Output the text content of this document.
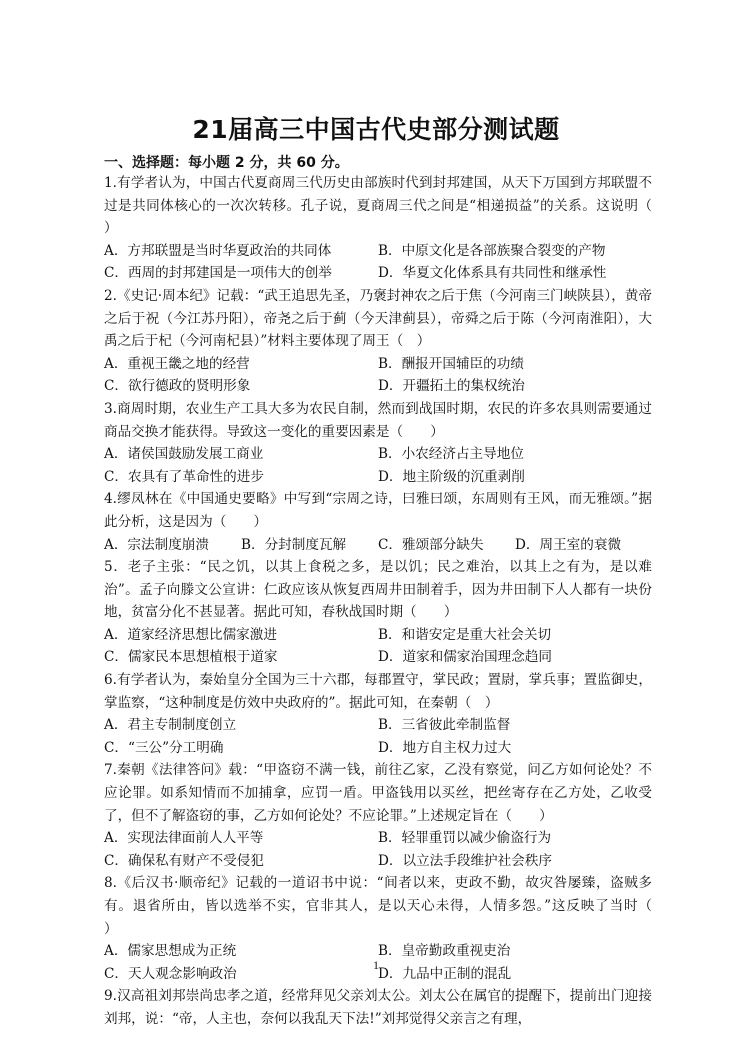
21届高三中国古代史部分测试题
一、选择题：每小题 2 分，共 60 分。
1.有学者认为，中国古代夏商周三代历史由部族时代到封邦建国，从天下万国到方邦联盟不过是共同体核心的一次次转移。孔子说，夏商周三代之间是“相递损益”的关系。这说明（　　）
A．方邦联盟是当时华夏政治的共同体	B．中原文化是各部族聚合裂变的产物
C．西周的封邦建国是一项伟大的创举	D．华夏文化体系具有共同性和继承性
2.《史记·周本纪》记载：“武王追思先圣，乃褒封神农之后于焦（今河南三门峡陕县），黄帝之后于祝（今江苏丹阳），帝尧之后于蓟（今天津蓟县），帝舜之后于陈（今河南淮阳），大禹之后于杞（今河南杞县）”材料主要体现了周王（　）
A．重视王畿之地的经营	B．酬报开国辅臣的功绩
C．欲行德政的贤明形象	D．开疆拓土的集权统治
3.商周时期，农业生产工具大多为农民自制，然而到战国时期，农民的许多农具则需要通过商品交换才能获得。导致这一变化的重要因素是（　　）
A．诸侯国鼓励发展工商业	B．小农经济占主导地位
C．农具有了革命性的进步	D．地主阶级的沉重剥削
4.缪凤林在《中国通史要略》中写到“宗周之诗，曰雅曰颂，东周则有王风，而无雅颂。”据此分析，这是因为（　　）
A．宗法制度崩溃	B．分封制度瓦解	C．雅颂部分缺失	D．周王室的衰微
5．老子主张：“民之饥，以其上食税之多，是以饥；民之难治，以其上之有为，是以难治”。孟子向滕文公宣讲：仁政应该从恢复西周井田制着手，因为井田制下人人都有一块份地，贫富分化不甚显著。据此可知，春秋战国时期（　　）
A．道家经济思想比儒家激进	B．和谐安定是重大社会关切
C．儒家民本思想植根于道家	D．道家和儒家治国理念趋同
6.有学者认为，秦始皇分全国为三十六郡，每郡置守，掌民政；置尉，掌兵事；置监御史，掌监察，“这种制度是仿效中央政府的”。据此可知，在秦朝（　）
A．君主专制制度创立	B．三省彼此牵制监督
C．“三公”分工明确	D．地方自主权力过大
7.秦朝《法律答问》载：“甲盗窃不满一钱，前往乙家，乙没有察觉，问乙方如何论处？不应论罪。如系知情而不加捕拿，应罚一盾。甲盗钱用以买丝，把丝寄存在乙方处，乙收受了，但不了解盗窃的事，乙方如何论处？不应论罪。”上述规定旨在（　　）
A．实现法律面前人人平等	B．轻罪重罚以减少偷盗行为
C．确保私有财产不受侵犯	D．以立法手段维护社会秩序
8.《后汉书·顺帝纪》记载的一道诏书中说：“间者以来，吏政不勤，故灾咎屡臻，盗贼多有。退省所由，皆以选举不实，官非其人，是以天心未得，人情多怨。”这反映了当时（　　）
A．儒家思想成为正统	B．皇帝勤政重视吏治
C．天人观念影响政治	D．九品中正制的混乱
9.汉高祖刘邦崇尚忠孝之道，经常拜见父亲刘太公。刘太公在属官的提醒下，提前出门迎接刘邦，说：“帝，人主也，奈何以我乱天下法!”刘邦觉得父亲言之有理，
1
